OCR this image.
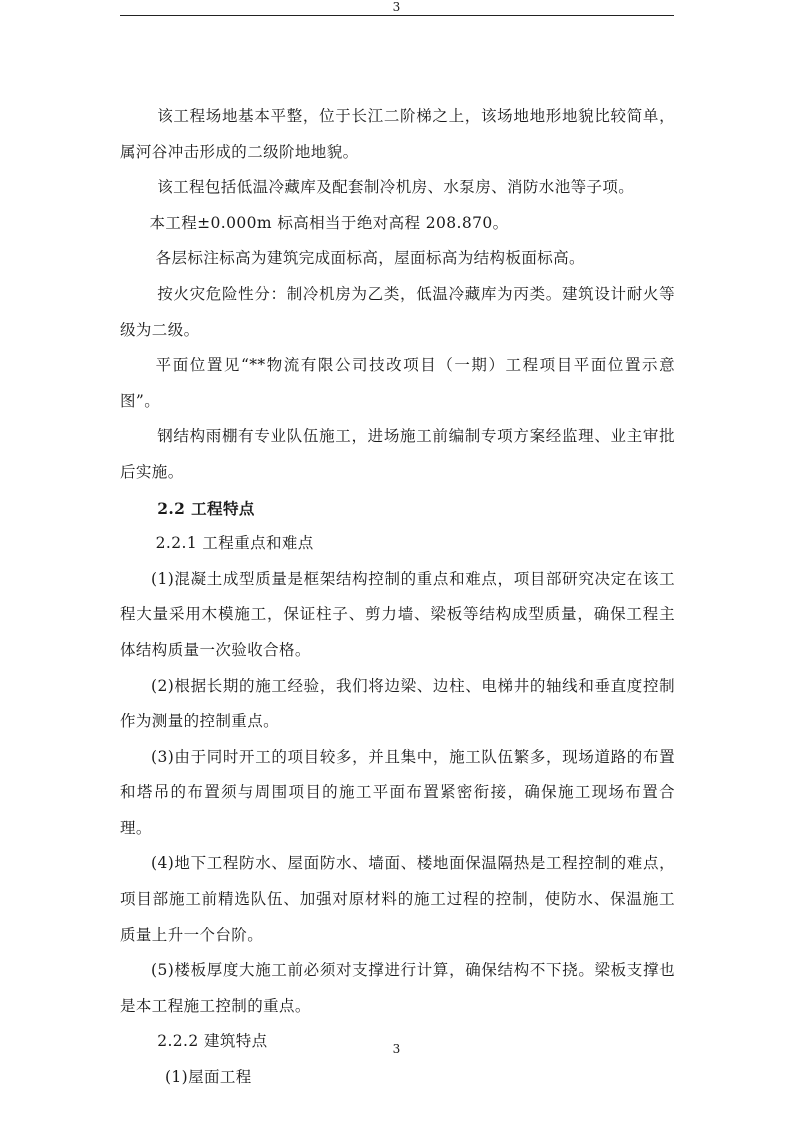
3

该工程场地基本平整，位于长江二阶梯之上，该场地地形地貌比较简单，属河谷冲击形成的二级阶地地貌。

该工程包括低温冷藏库及配套制冷机房、水泵房、消防水池等子项。

本工程±0.000m 标高相当于绝对高程 208.870。

各层标注标高为建筑完成面标高，屋面标高为结构板面标高。

按火灾危险性分：制冷机房为乙类，低温冷藏库为丙类。建筑设计耐火等级为二级。

平面位置见“**物流有限公司技改项目（一期）工程项目平面位置示意图”。

钢结构雨棚有专业队伍施工，进场施工前编制专项方案经监理、业主审批后实施。

2.2 工程特点

2.2.1 工程重点和难点

(1)混凝土成型质量是框架结构控制的重点和难点，项目部研究决定在该工程大量采用木模施工，保证柱子、剪力墙、梁板等结构成型质量，确保工程主体结构质量一次验收合格。

(2)根据长期的施工经验，我们将边梁、边柱、电梯井的轴线和垂直度控制作为测量的控制重点。

(3)由于同时开工的项目较多，并且集中，施工队伍繁多，现场道路的布置和塔吊的布置须与周围项目的施工平面布置紧密衔接，确保施工现场布置合理。

(4)地下工程防水、屋面防水、墙面、楼地面保温隔热是工程控制的难点，项目部施工前精选队伍、加强对原材料的施工过程的控制，使防水、保温施工质量上升一个台阶。

(5)楼板厚度大施工前必须对支撑进行计算，确保结构不下挠。梁板支撑也是本工程施工控制的重点。

2.2.2 建筑特点

(1)屋面工程

3
